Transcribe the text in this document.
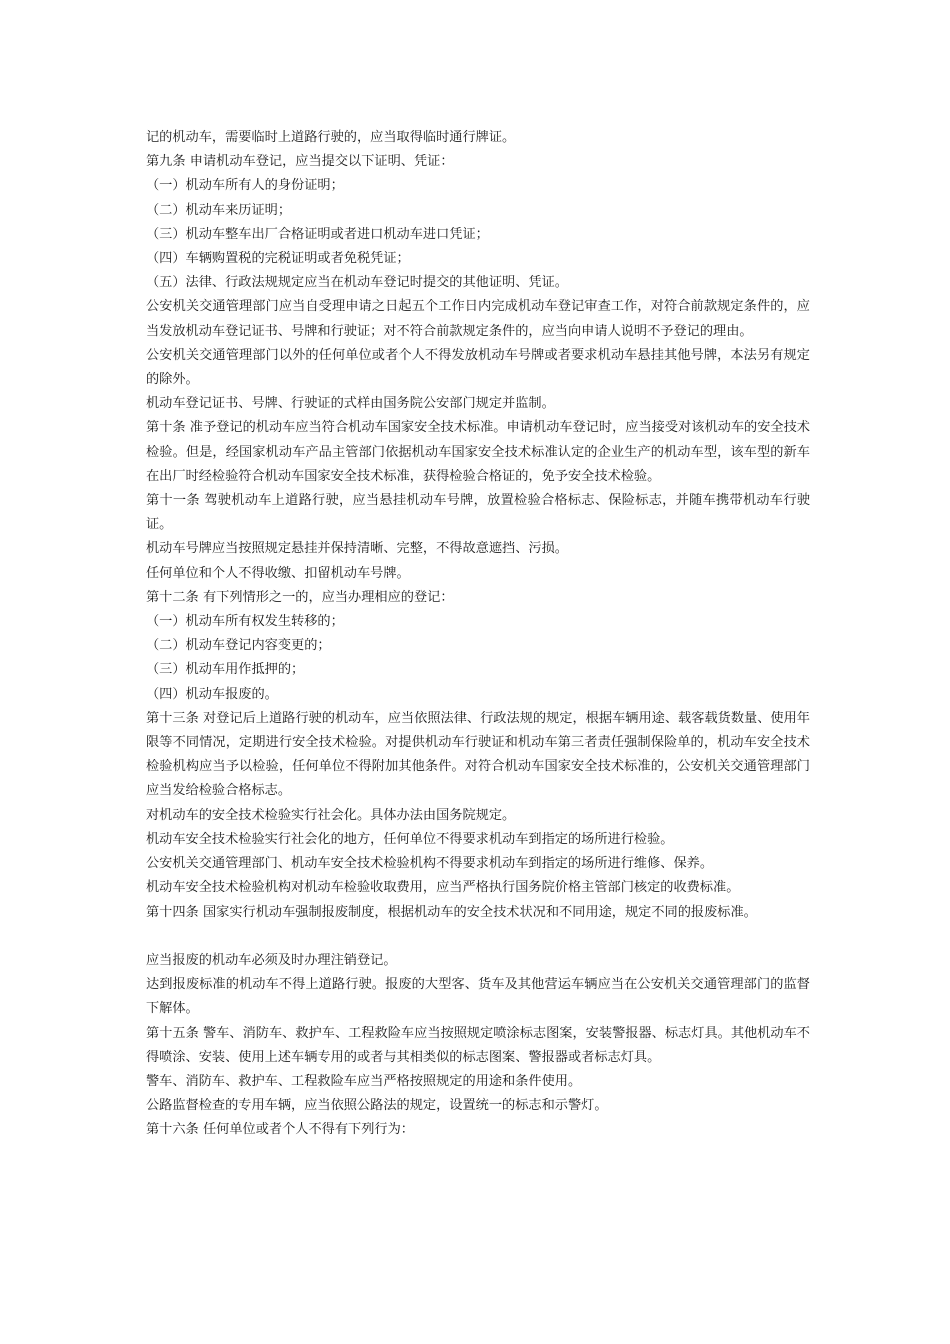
记的机动车，需要临时上道路行驶的，应当取得临时通行牌证。

第九条 申请机动车登记，应当提交以下证明、凭证：

（一）机动车所有人的身份证明；

（二）机动车来历证明；

（三）机动车整车出厂合格证明或者进口机动车进口凭证；

（四）车辆购置税的完税证明或者免税凭证；

（五）法律、行政法规规定应当在机动车登记时提交的其他证明、凭证。

公安机关交通管理部门应当自受理申请之日起五个工作日内完成机动车登记审查工作，对符合前款规定条件的，应当发放机动车登记证书、号牌和行驶证；对不符合前款规定条件的，应当向申请人说明不予登记的理由。

公安机关交通管理部门以外的任何单位或者个人不得发放机动车号牌或者要求机动车悬挂其他号牌，本法另有规定的除外。

机动车登记证书、号牌、行驶证的式样由国务院公安部门规定并监制。

第十条 准予登记的机动车应当符合机动车国家安全技术标准。申请机动车登记时，应当接受对该机动车的安全技术检验。但是，经国家机动车产品主管部门依据机动车国家安全技术标准认定的企业生产的机动车型，该车型的新车在出厂时经检验符合机动车国家安全技术标准，获得检验合格证的，免予安全技术检验。

第十一条 驾驶机动车上道路行驶，应当悬挂机动车号牌，放置检验合格标志、保险标志，并随车携带机动车行驶证。

机动车号牌应当按照规定悬挂并保持清晰、完整，不得故意遮挡、污损。

任何单位和个人不得收缴、扣留机动车号牌。

第十二条 有下列情形之一的，应当办理相应的登记：

（一）机动车所有权发生转移的；

（二）机动车登记内容变更的；

（三）机动车用作抵押的；

（四）机动车报废的。

第十三条 对登记后上道路行驶的机动车，应当依照法律、行政法规的规定，根据车辆用途、载客载货数量、使用年限等不同情况，定期进行安全技术检验。对提供机动车行驶证和机动车第三者责任强制保险单的，机动车安全技术检验机构应当予以检验，任何单位不得附加其他条件。对符合机动车国家安全技术标准的，公安机关交通管理部门应当发给检验合格标志。

对机动车的安全技术检验实行社会化。具体办法由国务院规定。

机动车安全技术检验实行社会化的地方，任何单位不得要求机动车到指定的场所进行检验。

公安机关交通管理部门、机动车安全技术检验机构不得要求机动车到指定的场所进行维修、保养。

机动车安全技术检验机构对机动车检验收取费用，应当严格执行国务院价格主管部门核定的收费标准。

第十四条 国家实行机动车强制报废制度，根据机动车的安全技术状况和不同用途，规定不同的报废标准。

应当报废的机动车必须及时办理注销登记。

达到报废标准的机动车不得上道路行驶。报废的大型客、货车及其他营运车辆应当在公安机关交通管理部门的监督下解体。

第十五条 警车、消防车、救护车、工程救险车应当按照规定喷涂标志图案，安装警报器、标志灯具。其他机动车不得喷涂、安装、使用上述车辆专用的或者与其相类似的标志图案、警报器或者标志灯具。

警车、消防车、救护车、工程救险车应当严格按照规定的用途和条件使用。

公路监督检查的专用车辆，应当依照公路法的规定，设置统一的标志和示警灯。

第十六条 任何单位或者个人不得有下列行为：
